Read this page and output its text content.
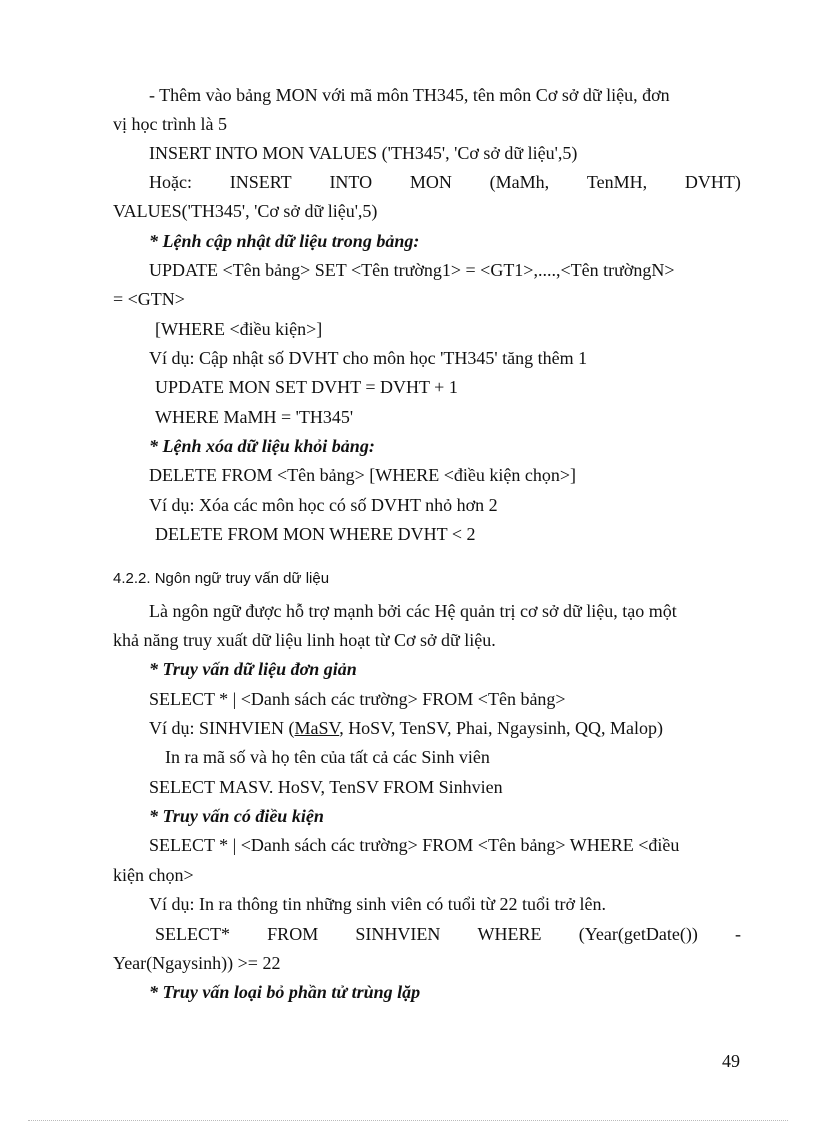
- Thêm vào bảng MON với mã môn TH345, tên môn Cơ sở dữ liệu, đơn
vị học trình là 5
INSERT INTO MON VALUES ('TH345', 'Cơ sở dữ liệu',5)
Hoặc: INSERT INTO MON (MaMh, TenMH, DVHT)
VALUES('TH345', 'Cơ sở dữ liệu',5)
* Lệnh cập nhật dữ liệu trong bảng:
UPDATE <Tên bảng> SET <Tên trường1> = <GT1>,....,<Tên trườngN>
= <GTN>
[WHERE <điều kiện>]
Ví dụ: Cập nhật số DVHT cho môn học 'TH345' tăng thêm 1
UPDATE MON SET DVHT = DVHT + 1
WHERE MaMH = 'TH345'
* Lệnh xóa dữ liệu khỏi bảng:
DELETE FROM <Tên bảng> [WHERE <điều kiện chọn>]
Ví dụ: Xóa các môn học có số DVHT nhỏ hơn 2
DELETE FROM MON WHERE DVHT < 2
4.2.2. Ngôn ngữ truy vấn dữ liệu
Là ngôn ngữ được hỗ trợ mạnh bởi các Hệ quản trị cơ sở dữ liệu, tạo một
khả năng truy xuất dữ liệu linh hoạt từ Cơ sở dữ liệu.
* Truy vấn dữ liệu đơn giản
SELECT * | <Danh sách các trường> FROM <Tên bảng>
Ví dụ: SINHVIEN (MaSV, HoSV, TenSV, Phai, Ngaysinh, QQ, Malop)
In ra mã số và họ tên của tất cả các Sinh viên
SELECT MASV. HoSV, TenSV FROM Sinhvien
* Truy vấn có điều kiện
SELECT * | <Danh sách các trường> FROM <Tên bảng> WHERE <điều
kiện chọn>
Ví dụ: In ra thông tin những sinh viên có tuổi từ 22 tuổi trở lên.
SELECT* FROM SINHVIEN WHERE (Year(getDate()) -
Year(Ngaysinh)) >= 22
* Truy vấn loại bỏ phần tử trùng lặp
49
